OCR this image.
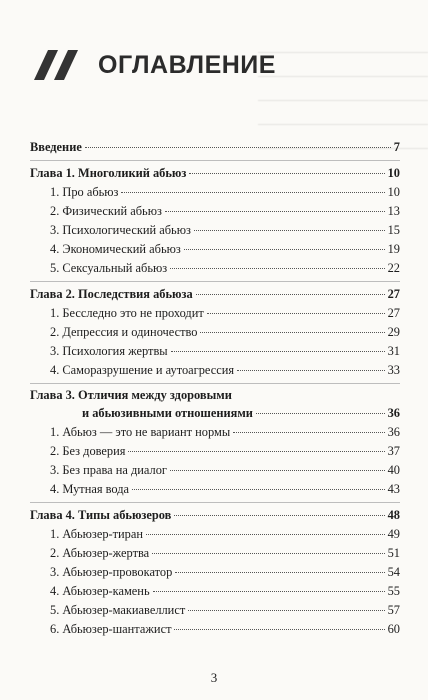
ОГЛАВЛЕНИЕ
Введение	7
Глава 1. Многоликий абьюз	10
1. Про абьюз	10
2. Физический абьюз	13
3. Психологический абьюз	15
4. Экономический абьюз	19
5. Сексуальный абьюз	22
Глава 2. Последствия абьюза	27
1. Бесследно это не проходит	27
2. Депрессия и одиночество	29
3. Психология жертвы	31
4. Саморазрушение и аутоагрессия	33
Глава 3. Отличия между здоровыми
и абьюзивными отношениями	36
1. Абьюз — это не вариант нормы	36
2. Без доверия	37
3. Без права на диалог	40
4. Мутная вода	43
Глава 4. Типы абьюзеров	48
1. Абьюзер-тиран	49
2. Абьюзер-жертва	51
3. Абьюзер-провокатор	54
4. Абьюзер-камень	55
5. Абьюзер-макиавеллист	57
6. Абьюзер-шантажист	60
3
